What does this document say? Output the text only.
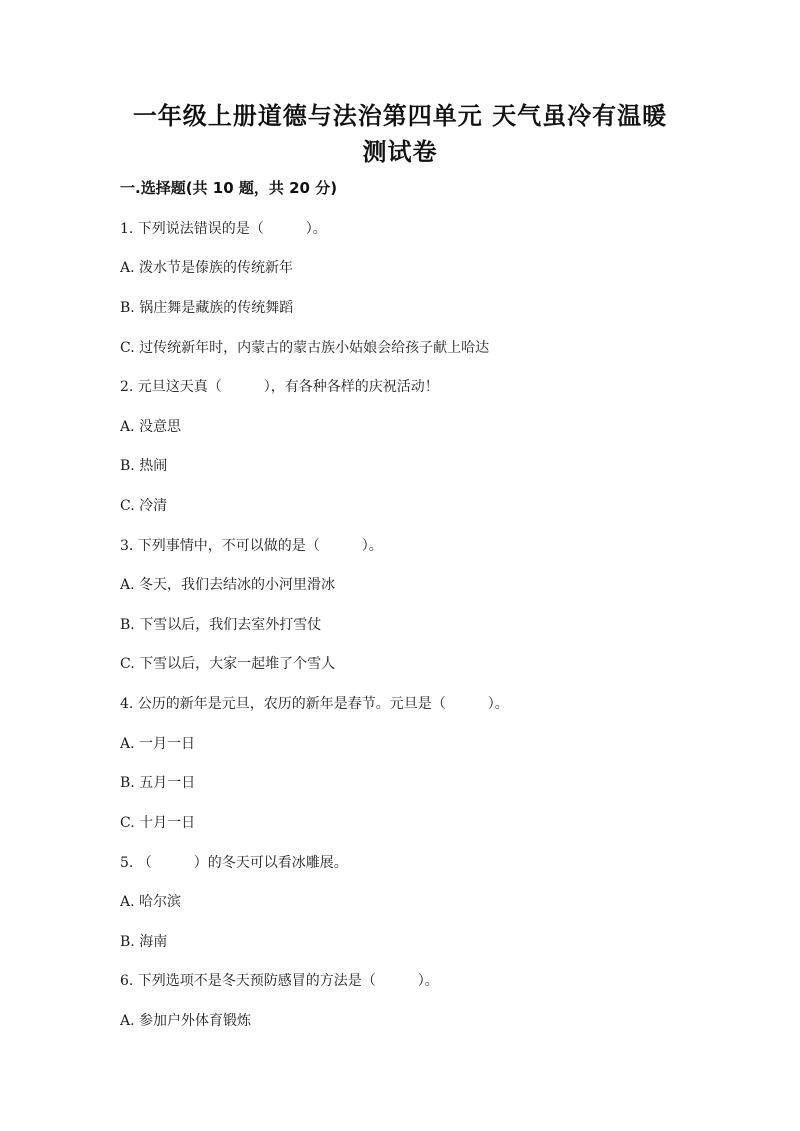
一年级上册道德与法治第四单元 天气虽冷有温暖
测试卷
一.选择题(共 10 题，共 20 分)
1. 下列说法错误的是（　　　）。
A. 泼水节是傣族的传统新年
B. 锅庄舞是藏族的传统舞蹈
C. 过传统新年时，内蒙古的蒙古族小姑娘会给孩子献上哈达
2. 元旦这天真（　　　），有各种各样的庆祝活动！
A. 没意思
B. 热闹
C. 冷清
3. 下列事情中，不可以做的是（　　　）。
A. 冬天，我们去结冰的小河里滑冰
B. 下雪以后，我们去室外打雪仗
C. 下雪以后，大家一起堆了个雪人
4. 公历的新年是元旦，农历的新年是春节。元旦是（　　　）。
A. 一月一日
B. 五月一日
C. 十月一日
5. （　　　）的冬天可以看冰雕展。
A. 哈尔滨
B. 海南
6. 下列选项不是冬天预防感冒的方法是（　　　）。
A. 参加户外体育锻炼
